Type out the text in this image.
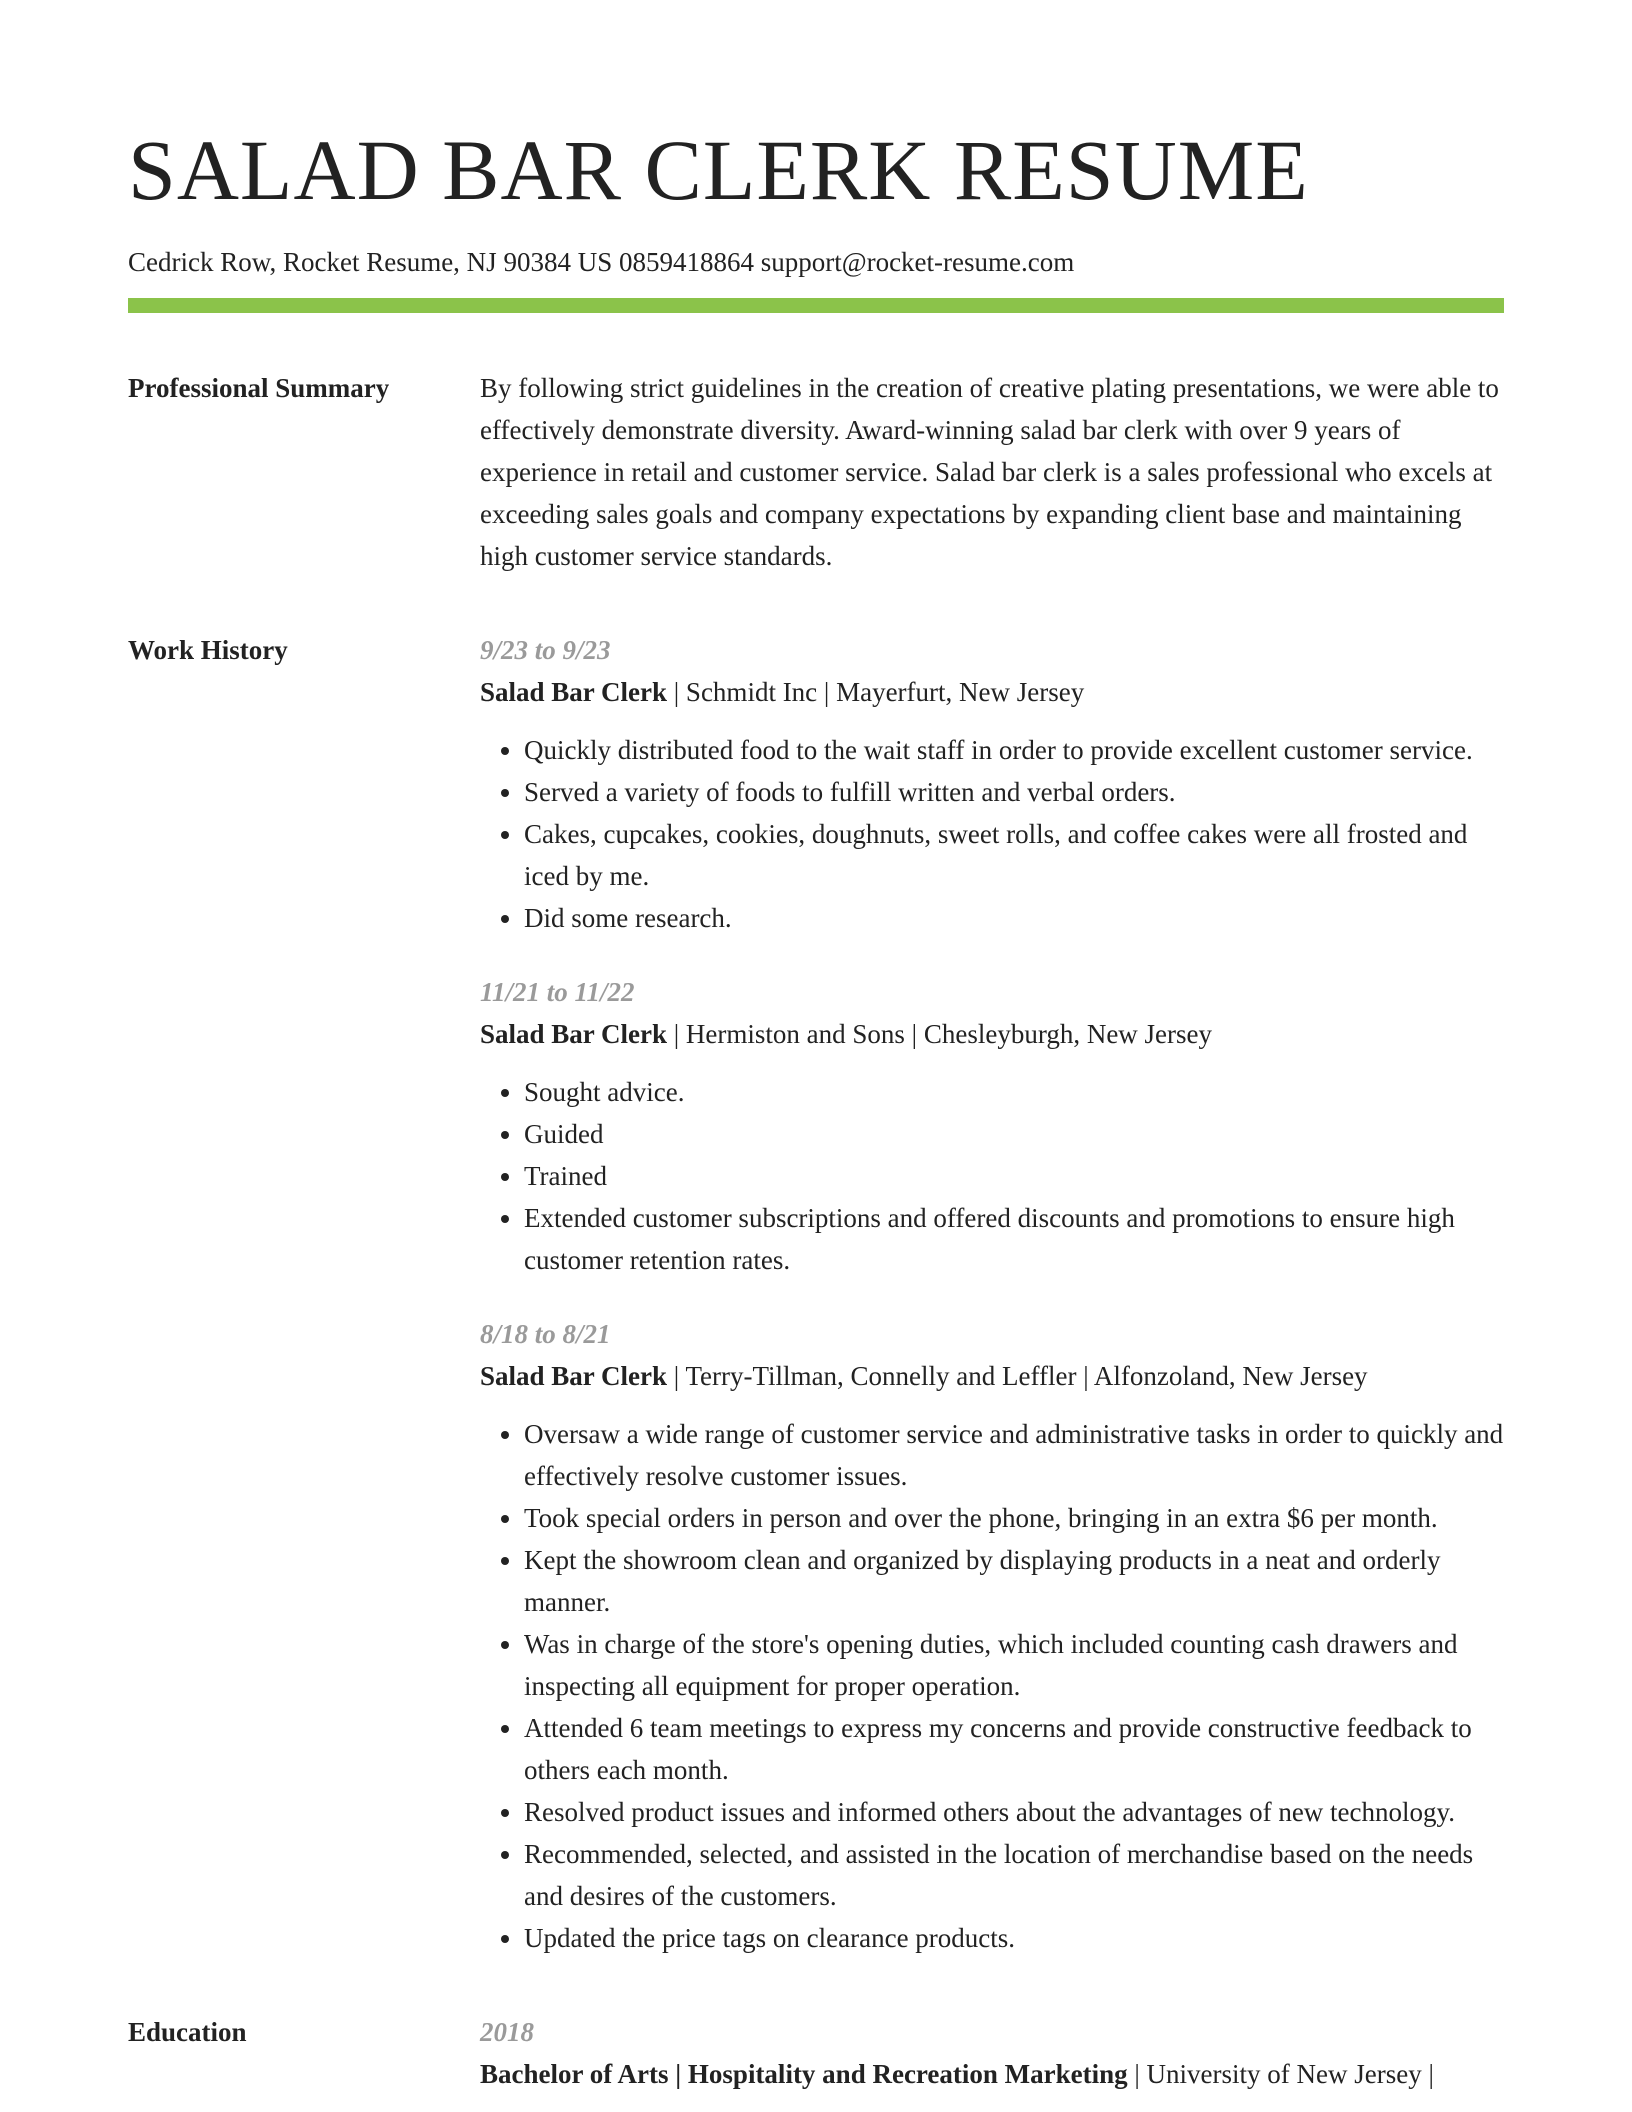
SALAD BAR CLERK RESUME
Cedrick Row, Rocket Resume, NJ 90384 US 0859418864 support@rocket-resume.com
Professional Summary	By following strict guidelines in the creation of creative plating presentations, we were able to effectively demonstrate diversity. Award-winning salad bar clerk with over 9 years of experience in retail and customer service. Salad bar clerk is a sales professional who excels at exceeding sales goals and company expectations by expanding client base and maintaining high customer service standards.

Work History	9/23 to 9/23
Salad Bar Clerk | Schmidt Inc | Mayerfurt, New Jersey
• Quickly distributed food to the wait staff in order to provide excellent customer service.
• Served a variety of foods to fulfill written and verbal orders.
• Cakes, cupcakes, cookies, doughnuts, sweet rolls, and coffee cakes were all frosted and iced by me.
• Did some research.
11/21 to 11/22
Salad Bar Clerk | Hermiston and Sons | Chesleyburgh, New Jersey
• Sought advice.
• Guided
• Trained
• Extended customer subscriptions and offered discounts and promotions to ensure high customer retention rates.
8/18 to 8/21
Salad Bar Clerk | Terry-Tillman, Connelly and Leffler | Alfonzoland, New Jersey
• Oversaw a wide range of customer service and administrative tasks in order to quickly and effectively resolve customer issues.
• Took special orders in person and over the phone, bringing in an extra $6 per month.
• Kept the showroom clean and organized by displaying products in a neat and orderly manner.
• Was in charge of the store's opening duties, which included counting cash drawers and inspecting all equipment for proper operation.
• Attended 6 team meetings to express my concerns and provide constructive feedback to others each month.
• Resolved product issues and informed others about the advantages of new technology.
• Recommended, selected, and assisted in the location of merchandise based on the needs and desires of the customers.
• Updated the price tags on clearance products.
Education	2018
Bachelor of Arts | Hospitality and Recreation Marketing | University of New Jersey |
